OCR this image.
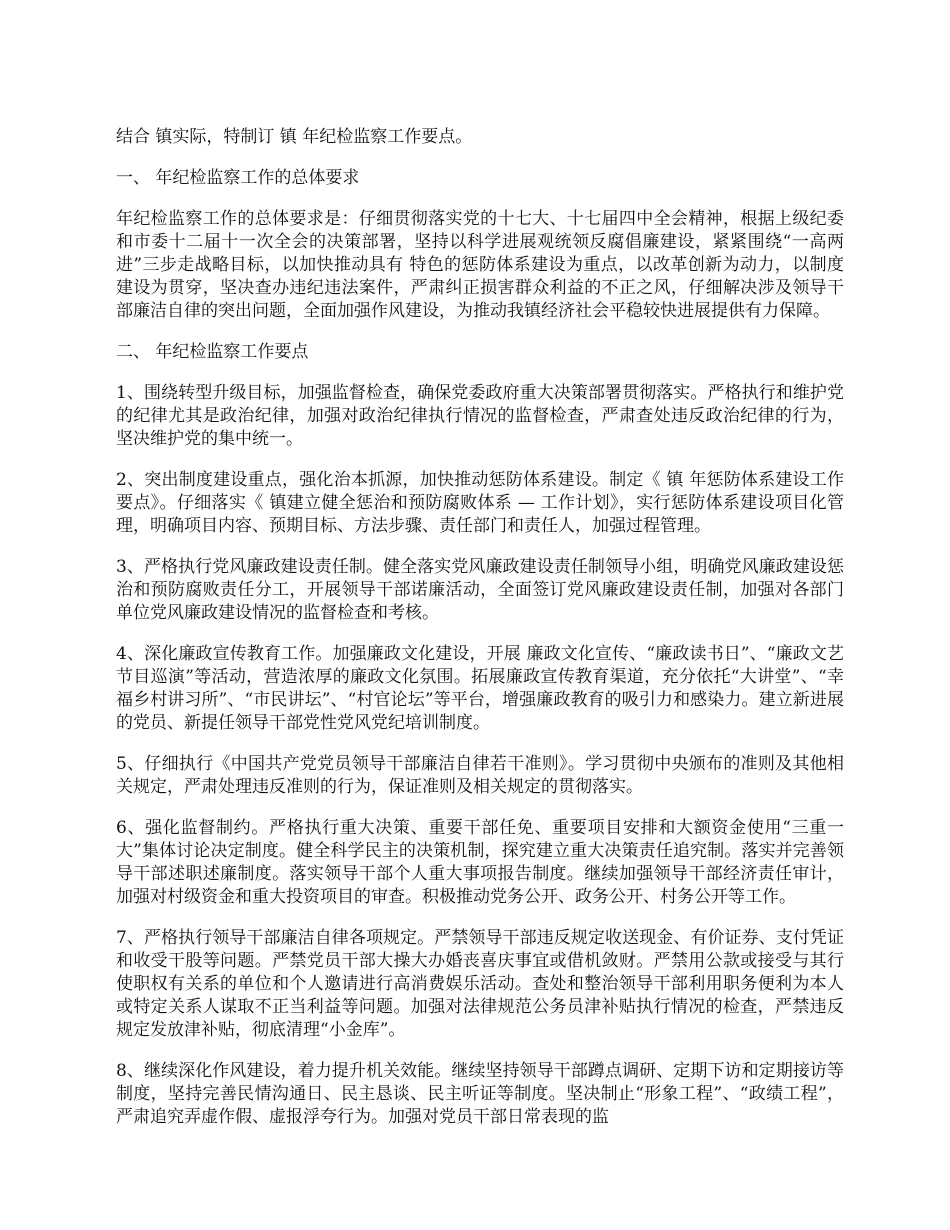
结合 镇实际，特制订 镇 年纪检监察工作要点。

一、 年纪检监察工作的总体要求

年纪检监察工作的总体要求是：仔细贯彻落实党的十七大、十七届四中全会精神，根据上级纪委和市委十二届十一次全会的决策部署，坚持以科学进展观统领反腐倡廉建设，紧紧围绕“一高两进”三步走战略目标，以加快推动具有 特色的惩防体系建设为重点，以改革创新为动力，以制度建设为贯穿，坚决查办违纪违法案件，严肃纠正损害群众利益的不正之风，仔细解决涉及领导干部廉洁自律的突出问题，全面加强作风建设，为推动我镇经济社会平稳较快进展提供有力保障。

二、 年纪检监察工作要点

1、围绕转型升级目标，加强监督检查，确保党委政府重大决策部署贯彻落实。严格执行和维护党的纪律尤其是政治纪律，加强对政治纪律执行情况的监督检查，严肃查处违反政治纪律的行为，坚决维护党的集中统一。

2、突出制度建设重点，强化治本抓源，加快推动惩防体系建设。制定《 镇 年惩防体系建设工作要点》。仔细落实《 镇建立健全惩治和预防腐败体系 — 工作计划》，实行惩防体系建设项目化管理，明确项目内容、预期目标、方法步骤、责任部门和责任人，加强过程管理。

3、严格执行党风廉政建设责任制。健全落实党风廉政建设责任制领导小组，明确党风廉政建设惩治和预防腐败责任分工，开展领导干部诺廉活动，全面签订党风廉政建设责任制，加强对各部门单位党风廉政建设情况的监督检查和考核。

4、深化廉政宣传教育工作。加强廉政文化建设，开展 廉政文化宣传、“廉政读书日”、“廉政文艺节目巡演”等活动，营造浓厚的廉政文化氛围。拓展廉政宣传教育渠道，充分依托“大讲堂”、“幸福乡村讲习所”、“市民讲坛”、“村官论坛”等平台，增强廉政教育的吸引力和感染力。建立新进展的党员、新提任领导干部党性党风党纪培训制度。

5、仔细执行《中国共产党党员领导干部廉洁自律若干准则》。学习贯彻中央颁布的准则及其他相关规定，严肃处理违反准则的行为，保证准则及相关规定的贯彻落实。

6、强化监督制约。严格执行重大决策、重要干部任免、重要项目安排和大额资金使用“三重一大”集体讨论决定制度。健全科学民主的决策机制，探究建立重大决策责任追究制。落实并完善领导干部述职述廉制度。落实领导干部个人重大事项报告制度。继续加强领导干部经济责任审计，加强对村级资金和重大投资项目的审查。积极推动党务公开、政务公开、村务公开等工作。

7、严格执行领导干部廉洁自律各项规定。严禁领导干部违反规定收送现金、有价证券、支付凭证和收受干股等问题。严禁党员干部大操大办婚丧喜庆事宜或借机敛财。严禁用公款或接受与其行使职权有关系的单位和个人邀请进行高消费娱乐活动。查处和整治领导干部利用职务便利为本人或特定关系人谋取不正当利益等问题。加强对法律规范公务员津补贴执行情况的检查，严禁违反规定发放津补贴，彻底清理“小金库”。

8、继续深化作风建设，着力提升机关效能。继续坚持领导干部蹲点调研、定期下访和定期接访等制度，坚持完善民情沟通日、民主恳谈、民主听证等制度。坚决制止“形象工程”、“政绩工程”，严肃追究弄虚作假、虚报浮夸行为。加强对党员干部日常表现的监
